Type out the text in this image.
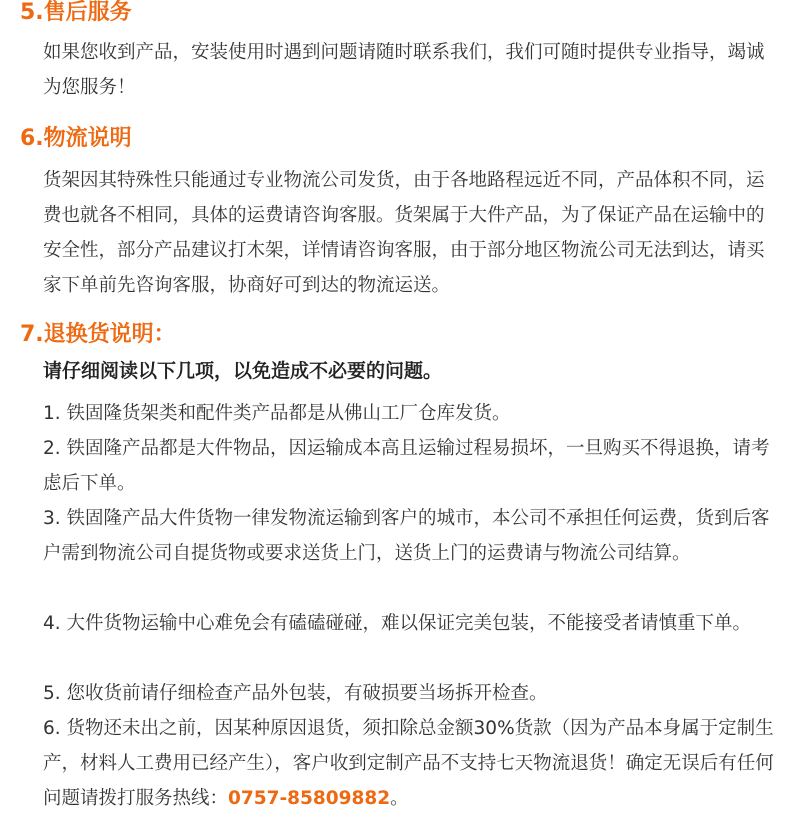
5.售后服务

如果您收到产品，安装使用时遇到问题请随时联系我们，我们可随时提供专业指导，竭诚为您服务！

6.物流说明

货架因其特殊性只能通过专业物流公司发货，由于各地路程远近不同，产品体积不同，运费也就各不相同，具体的运费请咨询客服。货架属于大件产品，为了保证产品在运输中的安全性，部分产品建议打木架，详情请咨询客服，由于部分地区物流公司无法到达，请买家下单前先咨询客服，协商好可到达的物流运送。

7.退换货说明：

请仔细阅读以下几项，以免造成不必要的问题。

1. 铁固隆货架类和配件类产品都是从佛山工厂仓库发货。

2. 铁固隆产品都是大件物品，因运输成本高且运输过程易损坏，一旦购买不得退换，请考虑后下单。

3. 铁固隆产品大件货物一律发物流运输到客户的城市，本公司不承担任何运费，货到后客户需到物流公司自提货物或要求送货上门，送货上门的运费请与物流公司结算。

4. 大件货物运输中心难免会有磕磕碰碰，难以保证完美包装，不能接受者请慎重下单。

5. 您收货前请仔细检查产品外包装，有破损要当场拆开检查。

6. 货物还未出之前，因某种原因退货，须扣除总金额30%货款（因为产品本身属于定制生产，材料人工费用已经产生），客户收到定制产品不支持七天物流退货！确定无误后有任何问题请拨打服务热线：0757-85809882。
